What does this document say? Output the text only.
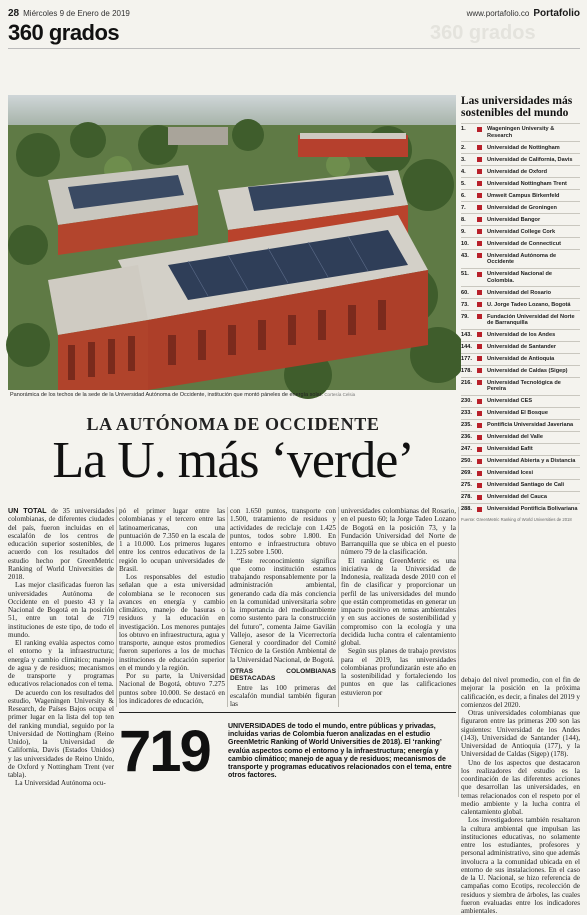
28 Miércoles 9 de Enero de 2019	www.portafolio.co Portafolio
360 grados	360 grados
Panorámica de los techos de la sede de la Universidad Autónoma de Occidente, institución que montó páneles de energía solar. Cortesía Celsia
Las universidades más sostenibles del mundo
1.	Wageningen University & Research
2.	Universidad de Nottingham
3.	Universidad de California, Davis
4.	Universidad de Oxford
5.	Universidad Nottingham Trent
6.	Umweit Campus Birkenfeld
7.	Universidad de Groningen
8.	Universidad Bangor
9.	Universidad College Cork
10.	Universidad de Connecticut
43.	Universidad Autónoma de Occidente
51.	Universidad Nacional de Colombia.
60.	Universidad del Rosario
73.	U. Jorge Tadeo Lozano, Bogotá
79.	Fundación Universidad del Norte de Barranquilla
143.	Universidad de los Andes
144.	Universidad de Santander
177.	Universidad de Antioquia
178.	Universidad de Caldas (Sigep)
216.	Universidad Tecnológica de Pereira
230.	Universidad CES
233.	Universidad El Bosque
235.	Pontificia Universidad Javeriana
236.	Universidad del Valle
247.	Universidad Eafit
250.	Universidad Abierta y a Distancia
269.	Universidad Icesi
275.	Universidad Santiago de Cali
278.	Universidad del Cauca
288.	Universidad Pontificia Bolivariana
Fuente: GreenMetric Ranking of World Universities de 2018
LA AUTÓNOMA DE OCCIDENTE
La U. más ‘verde’

UN TOTAL de 35 universidades colombianas, de diferentes ciudades del país, fueron incluidas en el escalafón de los centros de educación superior sostenibles, de acuerdo con los resultados del estudio hecho por GreenMetric Ranking of World Universities de 2018.

Las mejor clasificadas fueron las universidades Autónoma de Occidente en el puesto 43 y la Nacional de Bogotá en la posición 51, entre un total de 719 instituciones de este tipo, de todo el mundo.

El ranking evalúa aspectos como el entorno y la infraestructura; energía y cambio climático; manejo de agua y de residuos; mecanismos de transporte y programas educativos relacionados con el tema.

De acuerdo con los resultados del estudio, Wageningen University & Research, de Países Bajos ocupa el primer lugar en la lista del top ten del ranking mundial, seguido por la Universidad de Nottingham (Reino Unido), la Universidad de California, Davis (Estados Unidos) y las universidades de Reino Unido, de Oxford y Nottingham Trent (ver tabla).

La Universidad Autónoma ocu-

pó el primer lugar entre las colombianas y el tercero entre las latinoamericanas, con una puntuación de 7.350 en la escala de 1 a 10.000. Los primeros lugares entre los centros educativos de la región lo ocupan universidades de Brasil.

Los responsables del estudio señalan que a esta universidad colombiana se le reconocen sus avances en energía y cambio climático, manejo de basuras o residuos y la educación en investigación. Los menores puntajes los obtuvo en infraestructura, agua y transporte, aunque estos promedios fueron superiores a los de muchas instituciones de educación superior en el mundo y la región.

Por su parte, la Universidad Nacional de Bogotá, obtuvo 7.275 puntos sobre 10.000. Se destacó en los indicadores de educación,

con 1.650 puntos, transporte con 1.500, tratamiento de residuos y actividades de reciclaje con 1.425 puntos, todos sobre 1.800. En entorno e infraestructura obtuvo 1.225 sobre 1.500.

“Este reconocimiento significa que como institución estamos trabajando responsablemente por la administración ambiental, generando cada día más conciencia en la comunidad universitaria sobre la importancia del medioambiente como sustento para la construcción del futuro”, comenta Jaime Gavilán Vallejo, asesor de la Vicerrectoría General y coordinador del Comité Técnico de la Gestión Ambiental de la Universidad Nacional, de Bogotá.

OTRAS COLOMBIANAS DESTACADAS

Entre las 100 primeras del escalafón mundial también figuran las

universidades colombianas del Rosario, en el puesto 60; la Jorge Tadeo Lozano de Bogotá en la posición 73, y la Fundación Universidad del Norte de Barranquilla que se ubica en el puesto número 79 de la clasificación.

El ranking GreenMetric es una iniciativa de la Universidad de Indonesia, realizada desde 2010 con el fin de clasificar y proporcionar un perfil de las universidades del mundo que están comprometidas en generar un impacto positivo en temas ambientales y en sus acciones de sostenibilidad y compromiso con la ecología y una decidida lucha contra el calentamiento global.

Según sus planes de trabajo previstos para el 2019, las universidades colombianas profundizarán este año en la sostenibilidad y fortaleciendo los puntos en que las calificaciones estuvieron por

debajo del nivel promedio, con el fin de mejorar la posición en la próxima calificación, es decir, a finales del 2019 y comienzos del 2020.

Otras universidades colombianas que figuraron entre las primeras 200 son las siguientes: Universidad de los Andes (143), Universidad de Santander (144), Universidad de Antioquia (177), y la Universidad de Caldas (Sigep) (178).

Uno de los aspectos que destacaron los realizadores del estudio es la coordinación de las diferentes acciones que desarrollan las universidades, en temas relacionados con el respeto por el medio ambiente y la lucha contra el calentamiento global.

Los investigadores también resaltaron la cultura ambiental que impulsan las instituciones educativas, no solamente entre los estudiantes, profesores y personal administrativo, sino que además involucra a la comunidad ubicada en el entorno de sus instalaciones. En el caso de la U. Nacional, se hizo referencia de campañas como Ecotips, recolección de residuos y siembra de árboles, las cuales fueron evaluadas entre los indicadores ambientales.

719	UNIVERSIDADES de todo el mundo, entre públicas y privadas, incluidas varias de Colombia fueron analizadas en el estudio GreenMetric Ranking of World Universities de 2018). El ‘ranking’ evalúa aspectos como el entorno y la infraestructura; energía y cambio climático; manejo de agua y de residuos; mecanismos de transporte y programas educativos relacionados con el tema, entre otros factores.
